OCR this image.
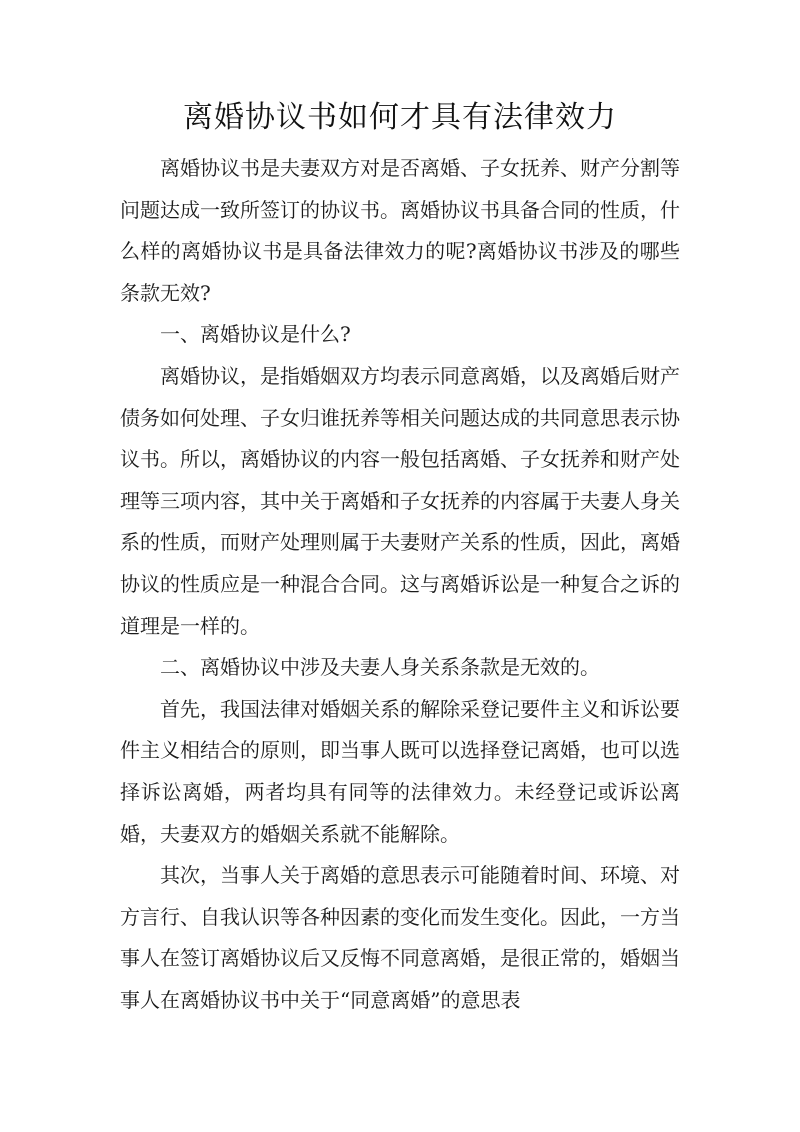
离婚协议书如何才具有法律效力

离婚协议书是夫妻双方对是否离婚、子女抚养、财产分割等问题达成一致所签订的协议书。离婚协议书具备合同的性质，什么样的离婚协议书是具备法律效力的呢?离婚协议书涉及的哪些条款无效?

一、离婚协议是什么?

离婚协议，是指婚姻双方均表示同意离婚，以及离婚后财产债务如何处理、子女归谁抚养等相关问题达成的共同意思表示协议书。所以，离婚协议的内容一般包括离婚、子女抚养和财产处理等三项内容，其中关于离婚和子女抚养的内容属于夫妻人身关系的性质，而财产处理则属于夫妻财产关系的性质，因此，离婚协议的性质应是一种混合合同。这与离婚诉讼是一种复合之诉的道理是一样的。

二、离婚协议中涉及夫妻人身关系条款是无效的。

首先，我国法律对婚姻关系的解除采登记要件主义和诉讼要件主义相结合的原则，即当事人既可以选择登记离婚，也可以选择诉讼离婚，两者均具有同等的法律效力。未经登记或诉讼离婚，夫妻双方的婚姻关系就不能解除。

其次，当事人关于离婚的意思表示可能随着时间、环境、对方言行、自我认识等各种因素的变化而发生变化。因此，一方当事人在签订离婚协议后又反悔不同意离婚，是很正常的，婚姻当事人在离婚协议书中关于“同意离婚”的意思表
